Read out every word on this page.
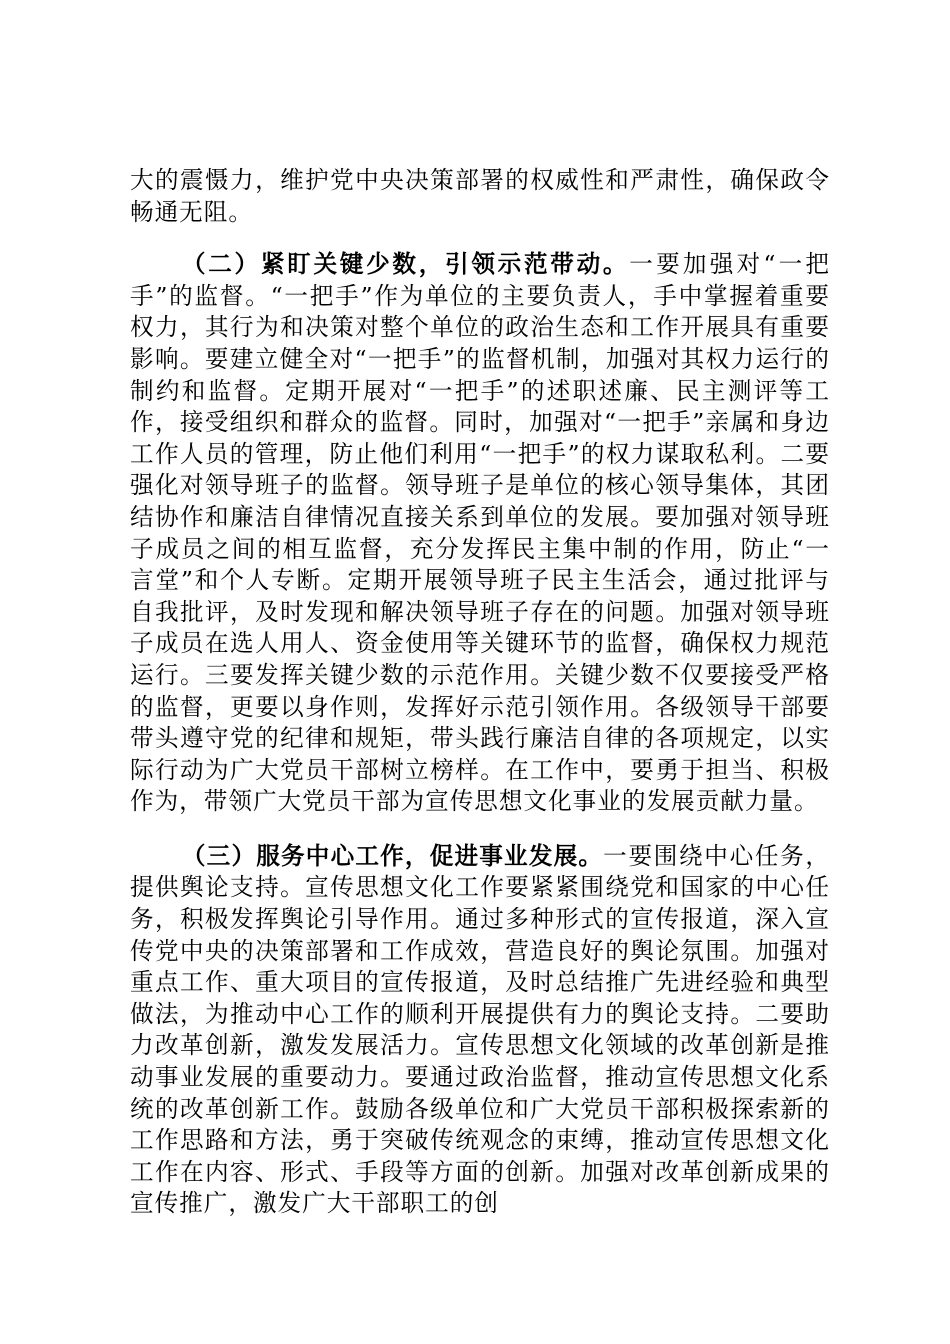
大的震慑力，维护党中央决策部署的权威性和严肃性，确保政令畅通无阻。

（二）紧盯关键少数，引领示范带动。一要加强对“一把手”的监督。“一把手”作为单位的主要负责人，手中掌握着重要权力，其行为和决策对整个单位的政治生态和工作开展具有重要影响。要建立健全对“一把手”的监督机制，加强对其权力运行的制约和监督。定期开展对“一把手”的述职述廉、民主测评等工作，接受组织和群众的监督。同时，加强对“一把手”亲属和身边工作人员的管理，防止他们利用“一把手”的权力谋取私利。二要强化对领导班子的监督。领导班子是单位的核心领导集体，其团结协作和廉洁自律情况直接关系到单位的发展。要加强对领导班子成员之间的相互监督，充分发挥民主集中制的作用，防止“一言堂”和个人专断。定期开展领导班子民主生活会，通过批评与自我批评，及时发现和解决领导班子存在的问题。加强对领导班子成员在选人用人、资金使用等关键环节的监督，确保权力规范运行。三要发挥关键少数的示范作用。关键少数不仅要接受严格的监督，更要以身作则，发挥好示范引领作用。各级领导干部要带头遵守党的纪律和规矩，带头践行廉洁自律的各项规定，以实际行动为广大党员干部树立榜样。在工作中，要勇于担当、积极作为，带领广大党员干部为宣传思想文化事业的发展贡献力量。

（三）服务中心工作，促进事业发展。一要围绕中心任务，提供舆论支持。宣传思想文化工作要紧紧围绕党和国家的中心任务，积极发挥舆论引导作用。通过多种形式的宣传报道，深入宣传党中央的决策部署和工作成效，营造良好的舆论氛围。加强对重点工作、重大项目的宣传报道，及时总结推广先进经验和典型做法，为推动中心工作的顺利开展提供有力的舆论支持。二要助力改革创新，激发发展活力。宣传思想文化领域的改革创新是推动事业发展的重要动力。要通过政治监督，推动宣传思想文化系统的改革创新工作。鼓励各级单位和广大党员干部积极探索新的工作思路和方法，勇于突破传统观念的束缚，推动宣传思想文化工作在内容、形式、手段等方面的创新。加强对改革创新成果的宣传推广，激发广大干部职工的创
